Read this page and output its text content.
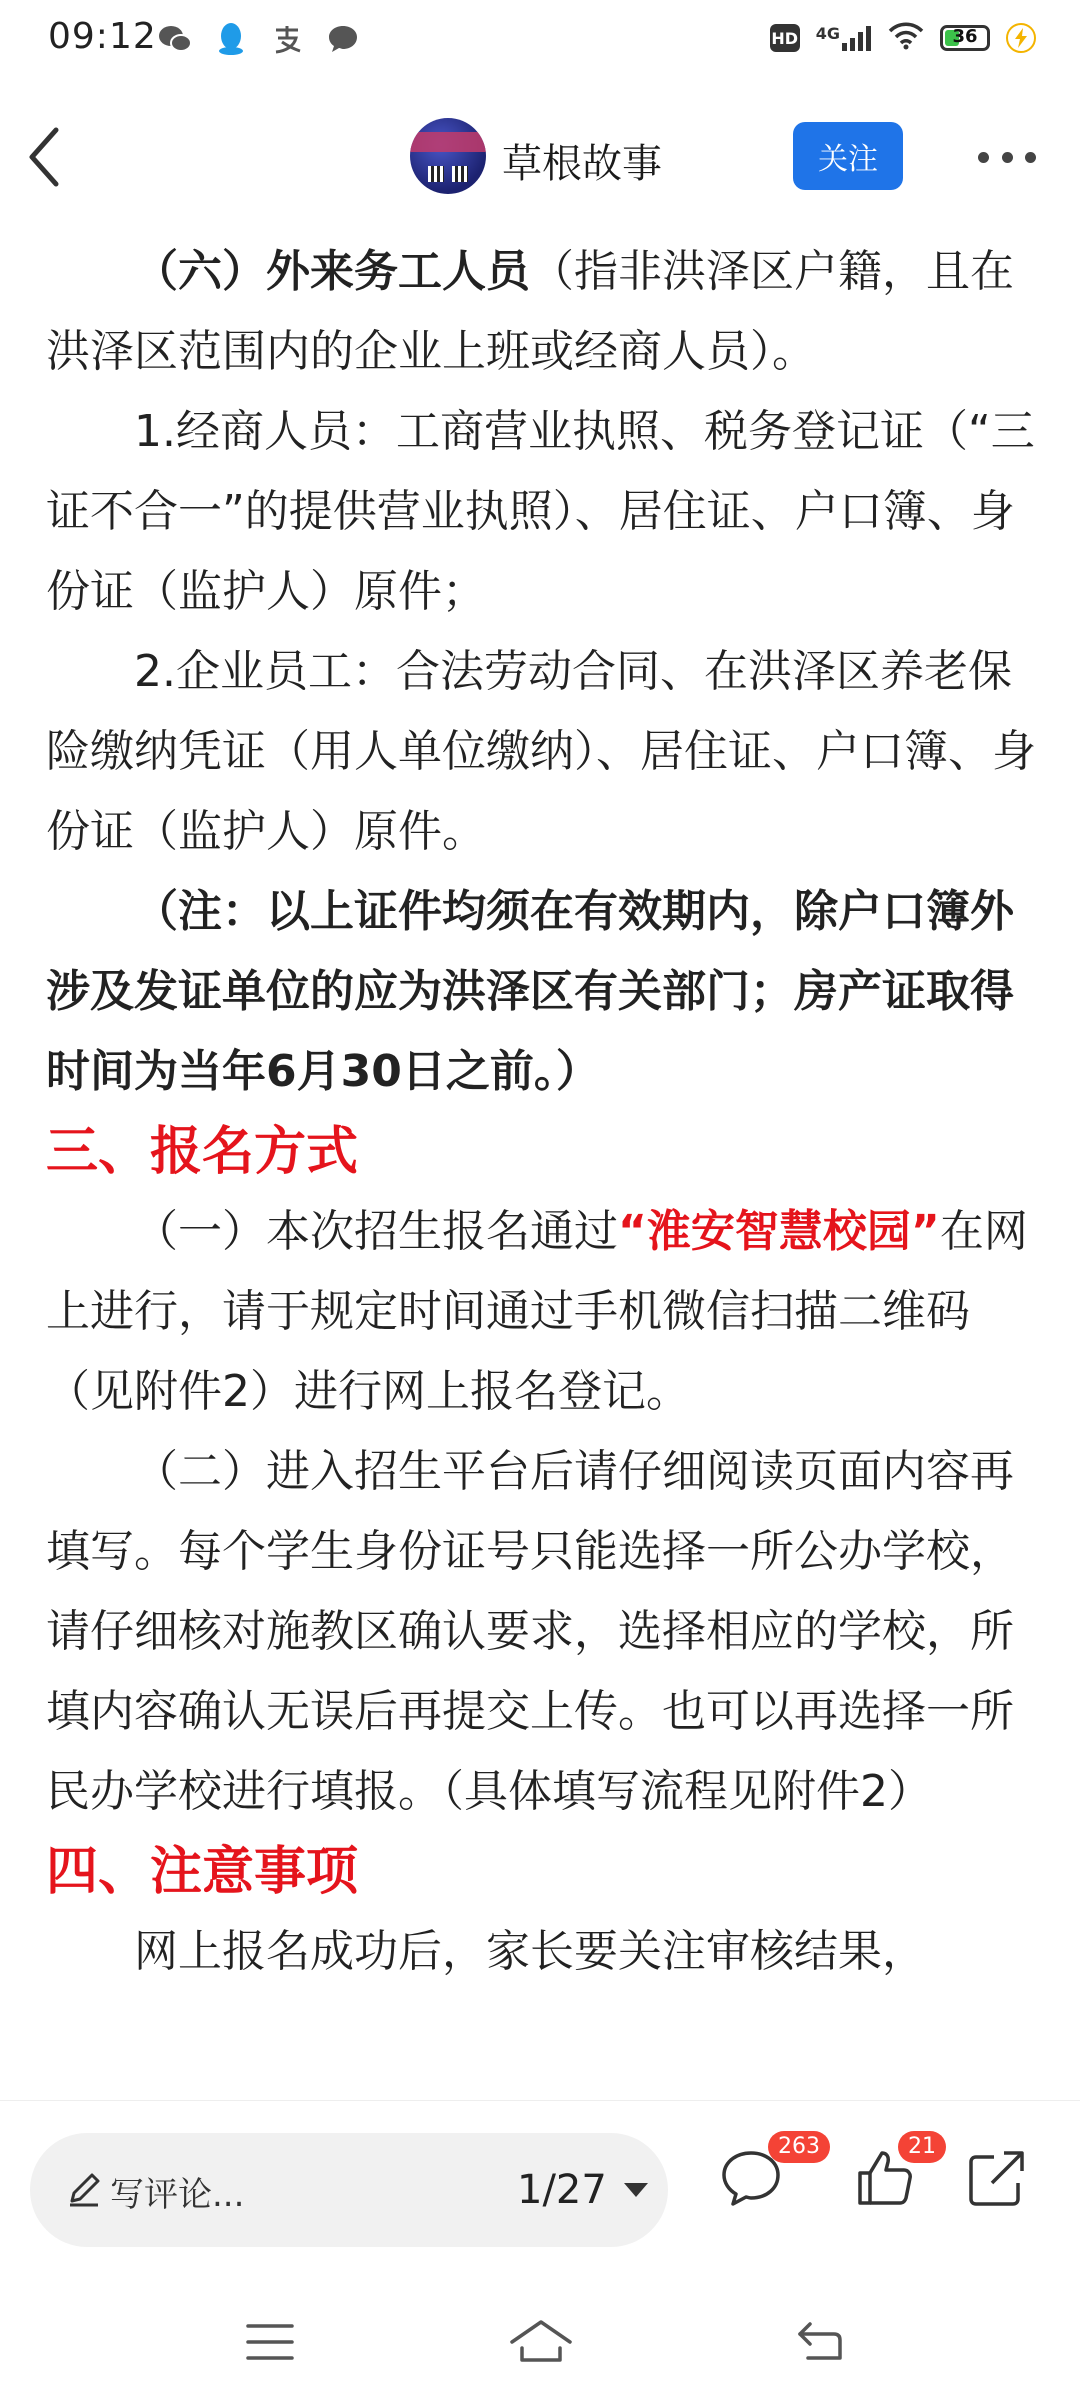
09:12	HD 4G	36
草根故事	关注

（六）外来务工人员（指非洪泽区户籍，且在洪泽区范围内的企业上班或经商人员）。

1.经商人员：工商营业执照、税务登记证（“三证不合一”的提供营业执照）、居住证、户口簿、身份证（监护人）原件；

2.企业员工：合法劳动合同、在洪泽区养老保险缴纳凭证（用人单位缴纳）、居住证、户口簿、身份证（监护人）原件。

（注：以上证件均须在有效期内，除户口簿外涉及发证单位的应为洪泽区有关部门；房产证取得时间为当年6月30日之前。）

三、报名方式

（一）本次招生报名通过“淮安智慧校园”在网上进行，请于规定时间通过手机微信扫描二维码（见附件2）进行网上报名登记。

（二）进入招生平台后请仔细阅读页面内容再填写。每个学生身份证号只能选择一所公办学校，请仔细核对施教区确认要求，选择相应的学校，所填内容确认无误后再提交上传。也可以再选择一所民办学校进行填报。（具体填写流程见附件2）

四、注意事项

网上报名成功后，家长要关注审核结果，

写评论...	1/27
263	21
